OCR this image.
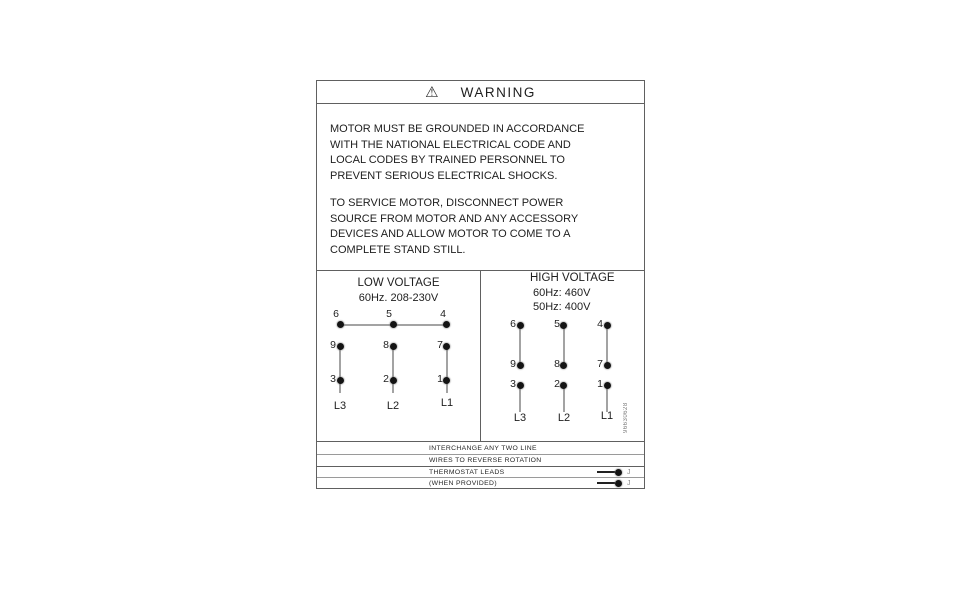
⚠ WARNING
MOTOR MUST BE GROUNDED IN ACCORDANCE
WITH THE NATIONAL ELECTRICAL CODE AND
LOCAL CODES BY TRAINED PERSONNEL TO
PREVENT SERIOUS ELECTRICAL SHOCKS.
TO SERVICE MOTOR, DISCONNECT POWER
SOURCE FROM MOTOR AND ANY ACCESSORY
DEVICES AND ALLOW MOTOR TO COME TO A
COMPLETE STAND STILL.
LOW VOLTAGE
60Hz. 208-230V
6	5	4
9	8	7
3	2	1
L3	L2	L1
HIGH VOLTAGE
60Hz: 460V
50Hz: 400V
6	5	4
9	8	7
3	2	1
L3	L2	L1	96630628
INTERCHANGE ANY TWO LINE
WIRES TO REVERSE ROTATION
THERMOSTAT LEADS	J
(WHEN PROVIDED)	J
